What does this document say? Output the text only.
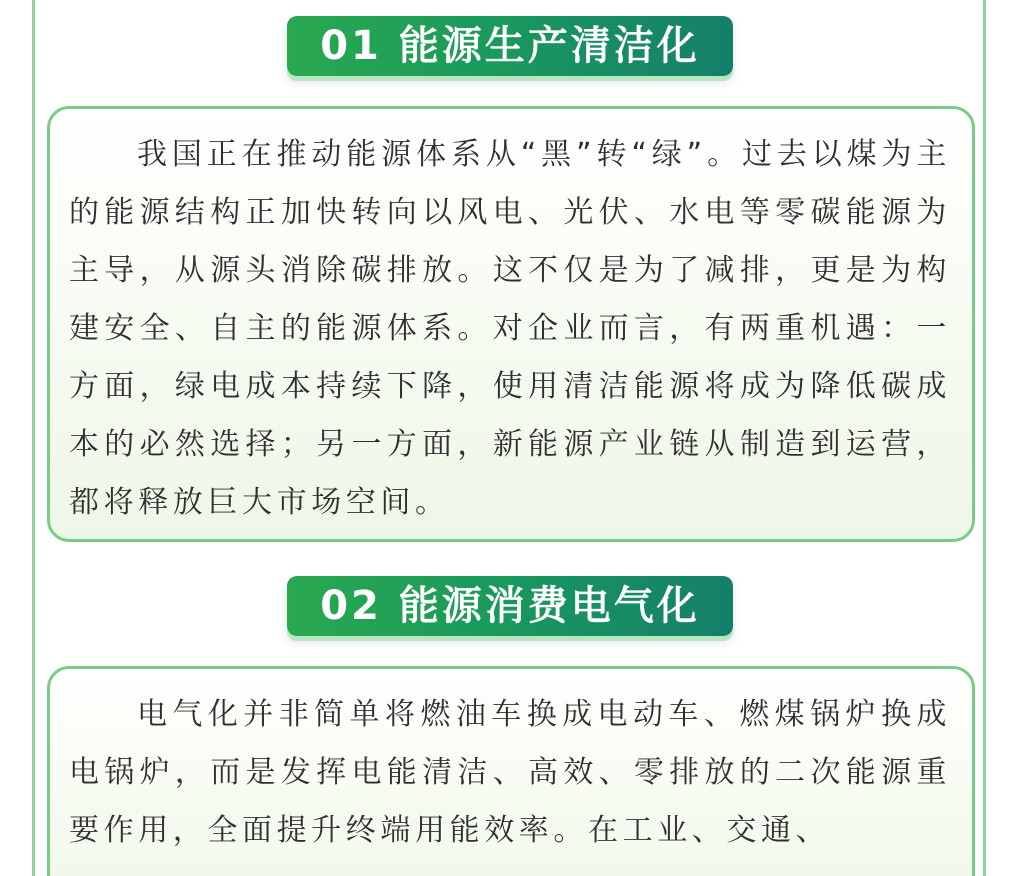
01 能源生产清洁化

我国正在推动能源体系从“黑”转“绿”。过去以煤为主的能源结构正加快转向以风电、光伏、水电等零碳能源为主导，从源头消除碳排放。这不仅是为了减排，更是为构建安全、自主的能源体系。对企业而言，有两重机遇：一方面，绿电成本持续下降，使用清洁能源将成为降低碳成本的必然选择；另一方面，新能源产业链从制造到运营，都将释放巨大市场空间。

02 能源消费电气化

电气化并非简单将燃油车换成电动车、燃煤锅炉换成电锅炉，而是发挥电能清洁、高效、零排放的二次能源重要作用，全面提升终端用能效率。在工业、交通、
